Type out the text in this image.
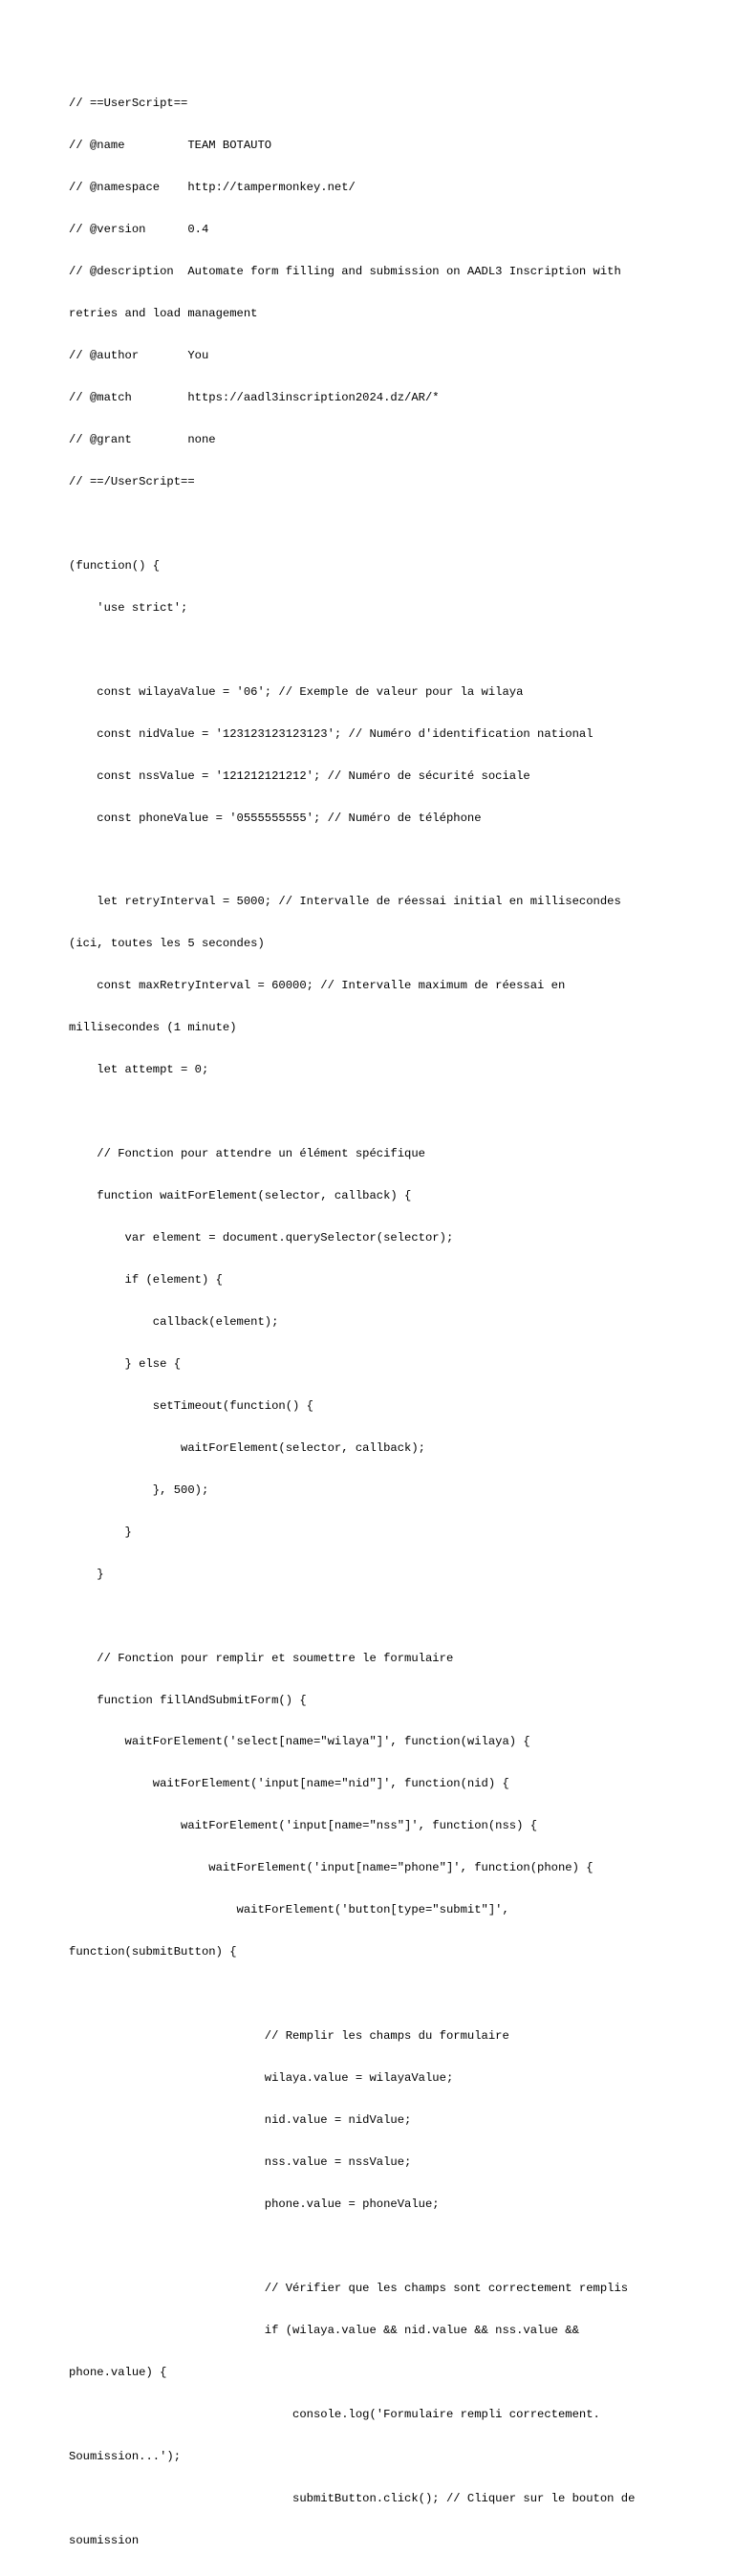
// ==UserScript==

// @name         TEAM BOTAUTO

// @namespace    http://tampermonkey.net/

// @version      0.4

// @description  Automate form filling and submission on AADL3 Inscription with

retries and load management

// @author       You

// @match        https://aadl3inscription2024.dz/AR/*

// @grant        none

// ==/UserScript==

(function() {

'use strict';

const wilayaValue = '06'; // Exemple de valeur pour la wilaya

const nidValue = '123123123123123'; // Numéro d'identification national

const nssValue = '121212121212'; // Numéro de sécurité sociale

const phoneValue = '0555555555'; // Numéro de téléphone

let retryInterval = 5000; // Intervalle de réessai initial en millisecondes

(ici, toutes les 5 secondes)

const maxRetryInterval = 60000; // Intervalle maximum de réessai en

millisecondes (1 minute)

let attempt = 0;

// Fonction pour attendre un élément spécifique

function waitForElement(selector, callback) {

var element = document.querySelector(selector);

if (element) {

callback(element);

} else {

setTimeout(function() {

waitForElement(selector, callback);

}, 500);

}

}

// Fonction pour remplir et soumettre le formulaire

function fillAndSubmitForm() {

waitForElement('select[name="wilaya"]', function(wilaya) {

waitForElement('input[name="nid"]', function(nid) {

waitForElement('input[name="nss"]', function(nss) {

waitForElement('input[name="phone"]', function(phone) {

waitForElement('button[type="submit"]',

function(submitButton) {

// Remplir les champs du formulaire

wilaya.value = wilayaValue;

nid.value = nidValue;

nss.value = nssValue;

phone.value = phoneValue;

// Vérifier que les champs sont correctement remplis

if (wilaya.value && nid.value && nss.value &&

phone.value) {

console.log('Formulaire rempli correctement.

Soumission...');

submitButton.click(); // Cliquer sur le bouton de

soumission
